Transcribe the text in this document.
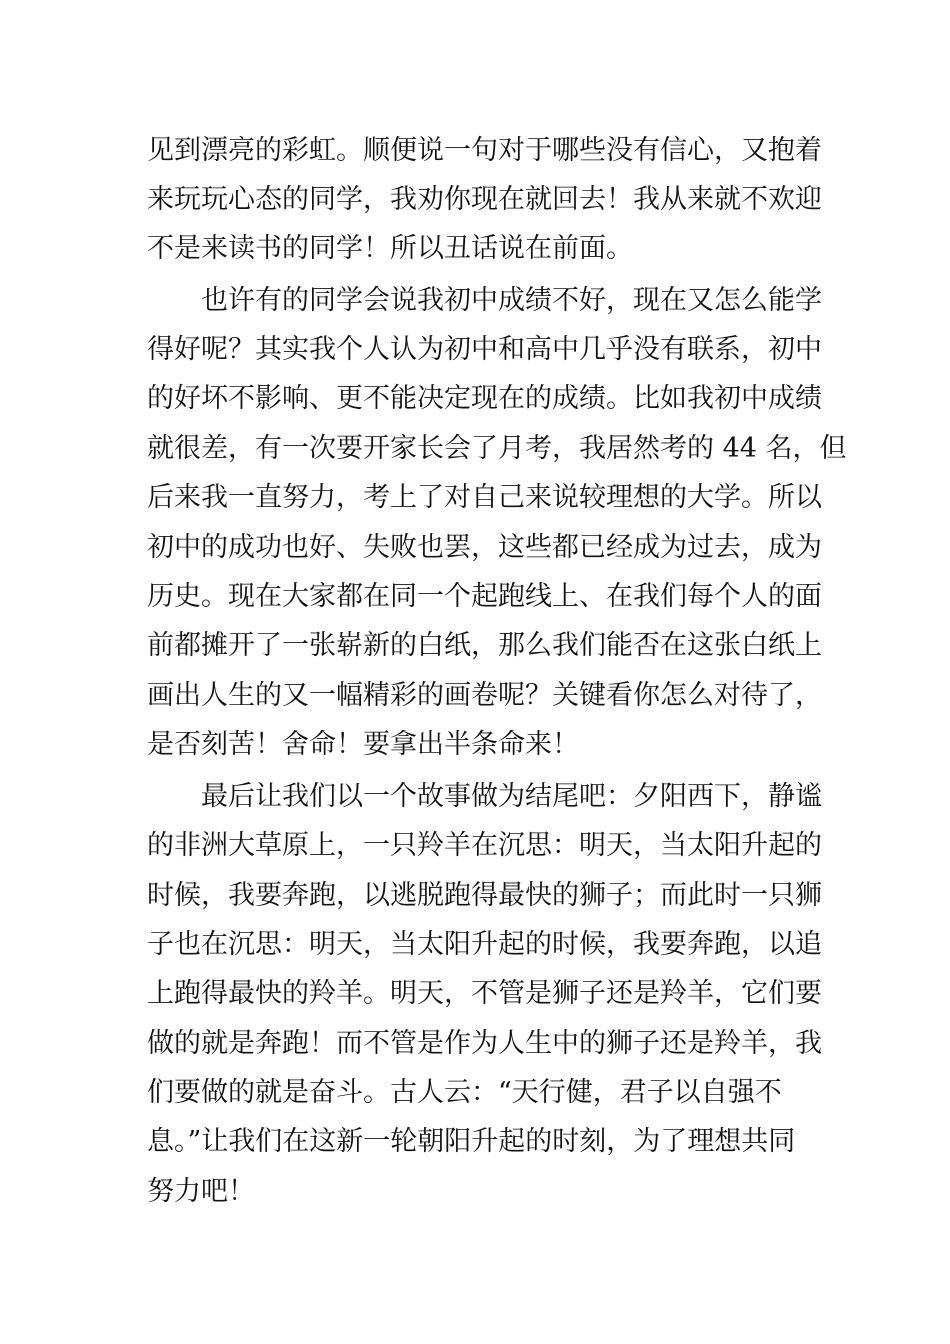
见到漂亮的彩虹。顺便说一句对于哪些没有信心，又抱着
来玩玩心态的同学，我劝你现在就回去！我从来就不欢迎
不是来读书的同学！所以丑话说在前面。
也许有的同学会说我初中成绩不好，现在又怎么能学
得好呢？其实我个人认为初中和高中几乎没有联系，初中
的好坏不影响、更不能决定现在的成绩。比如我初中成绩
就很差，有一次要开家长会了月考，我居然考的 44 名，但
后来我一直努力，考上了对自己来说较理想的大学。所以
初中的成功也好、失败也罢，这些都已经成为过去，成为
历史。现在大家都在同一个起跑线上、在我们每个人的面
前都摊开了一张崭新的白纸，那么我们能否在这张白纸上
画出人生的又一幅精彩的画卷呢？关键看你怎么对待了，
是否刻苦！舍命！要拿出半条命来！
最后让我们以一个故事做为结尾吧：夕阳西下，静谧
的非洲大草原上，一只羚羊在沉思：明天，当太阳升起的
时候，我要奔跑，以逃脱跑得最快的狮子；而此时一只狮
子也在沉思：明天，当太阳升起的时候，我要奔跑，以追
上跑得最快的羚羊。明天，不管是狮子还是羚羊，它们要
做的就是奔跑！而不管是作为人生中的狮子还是羚羊，我
们要做的就是奋斗。古人云：“天行健，君子以自强不
息。”让我们在这新一轮朝阳升起的时刻，为了理想共同
努力吧！
